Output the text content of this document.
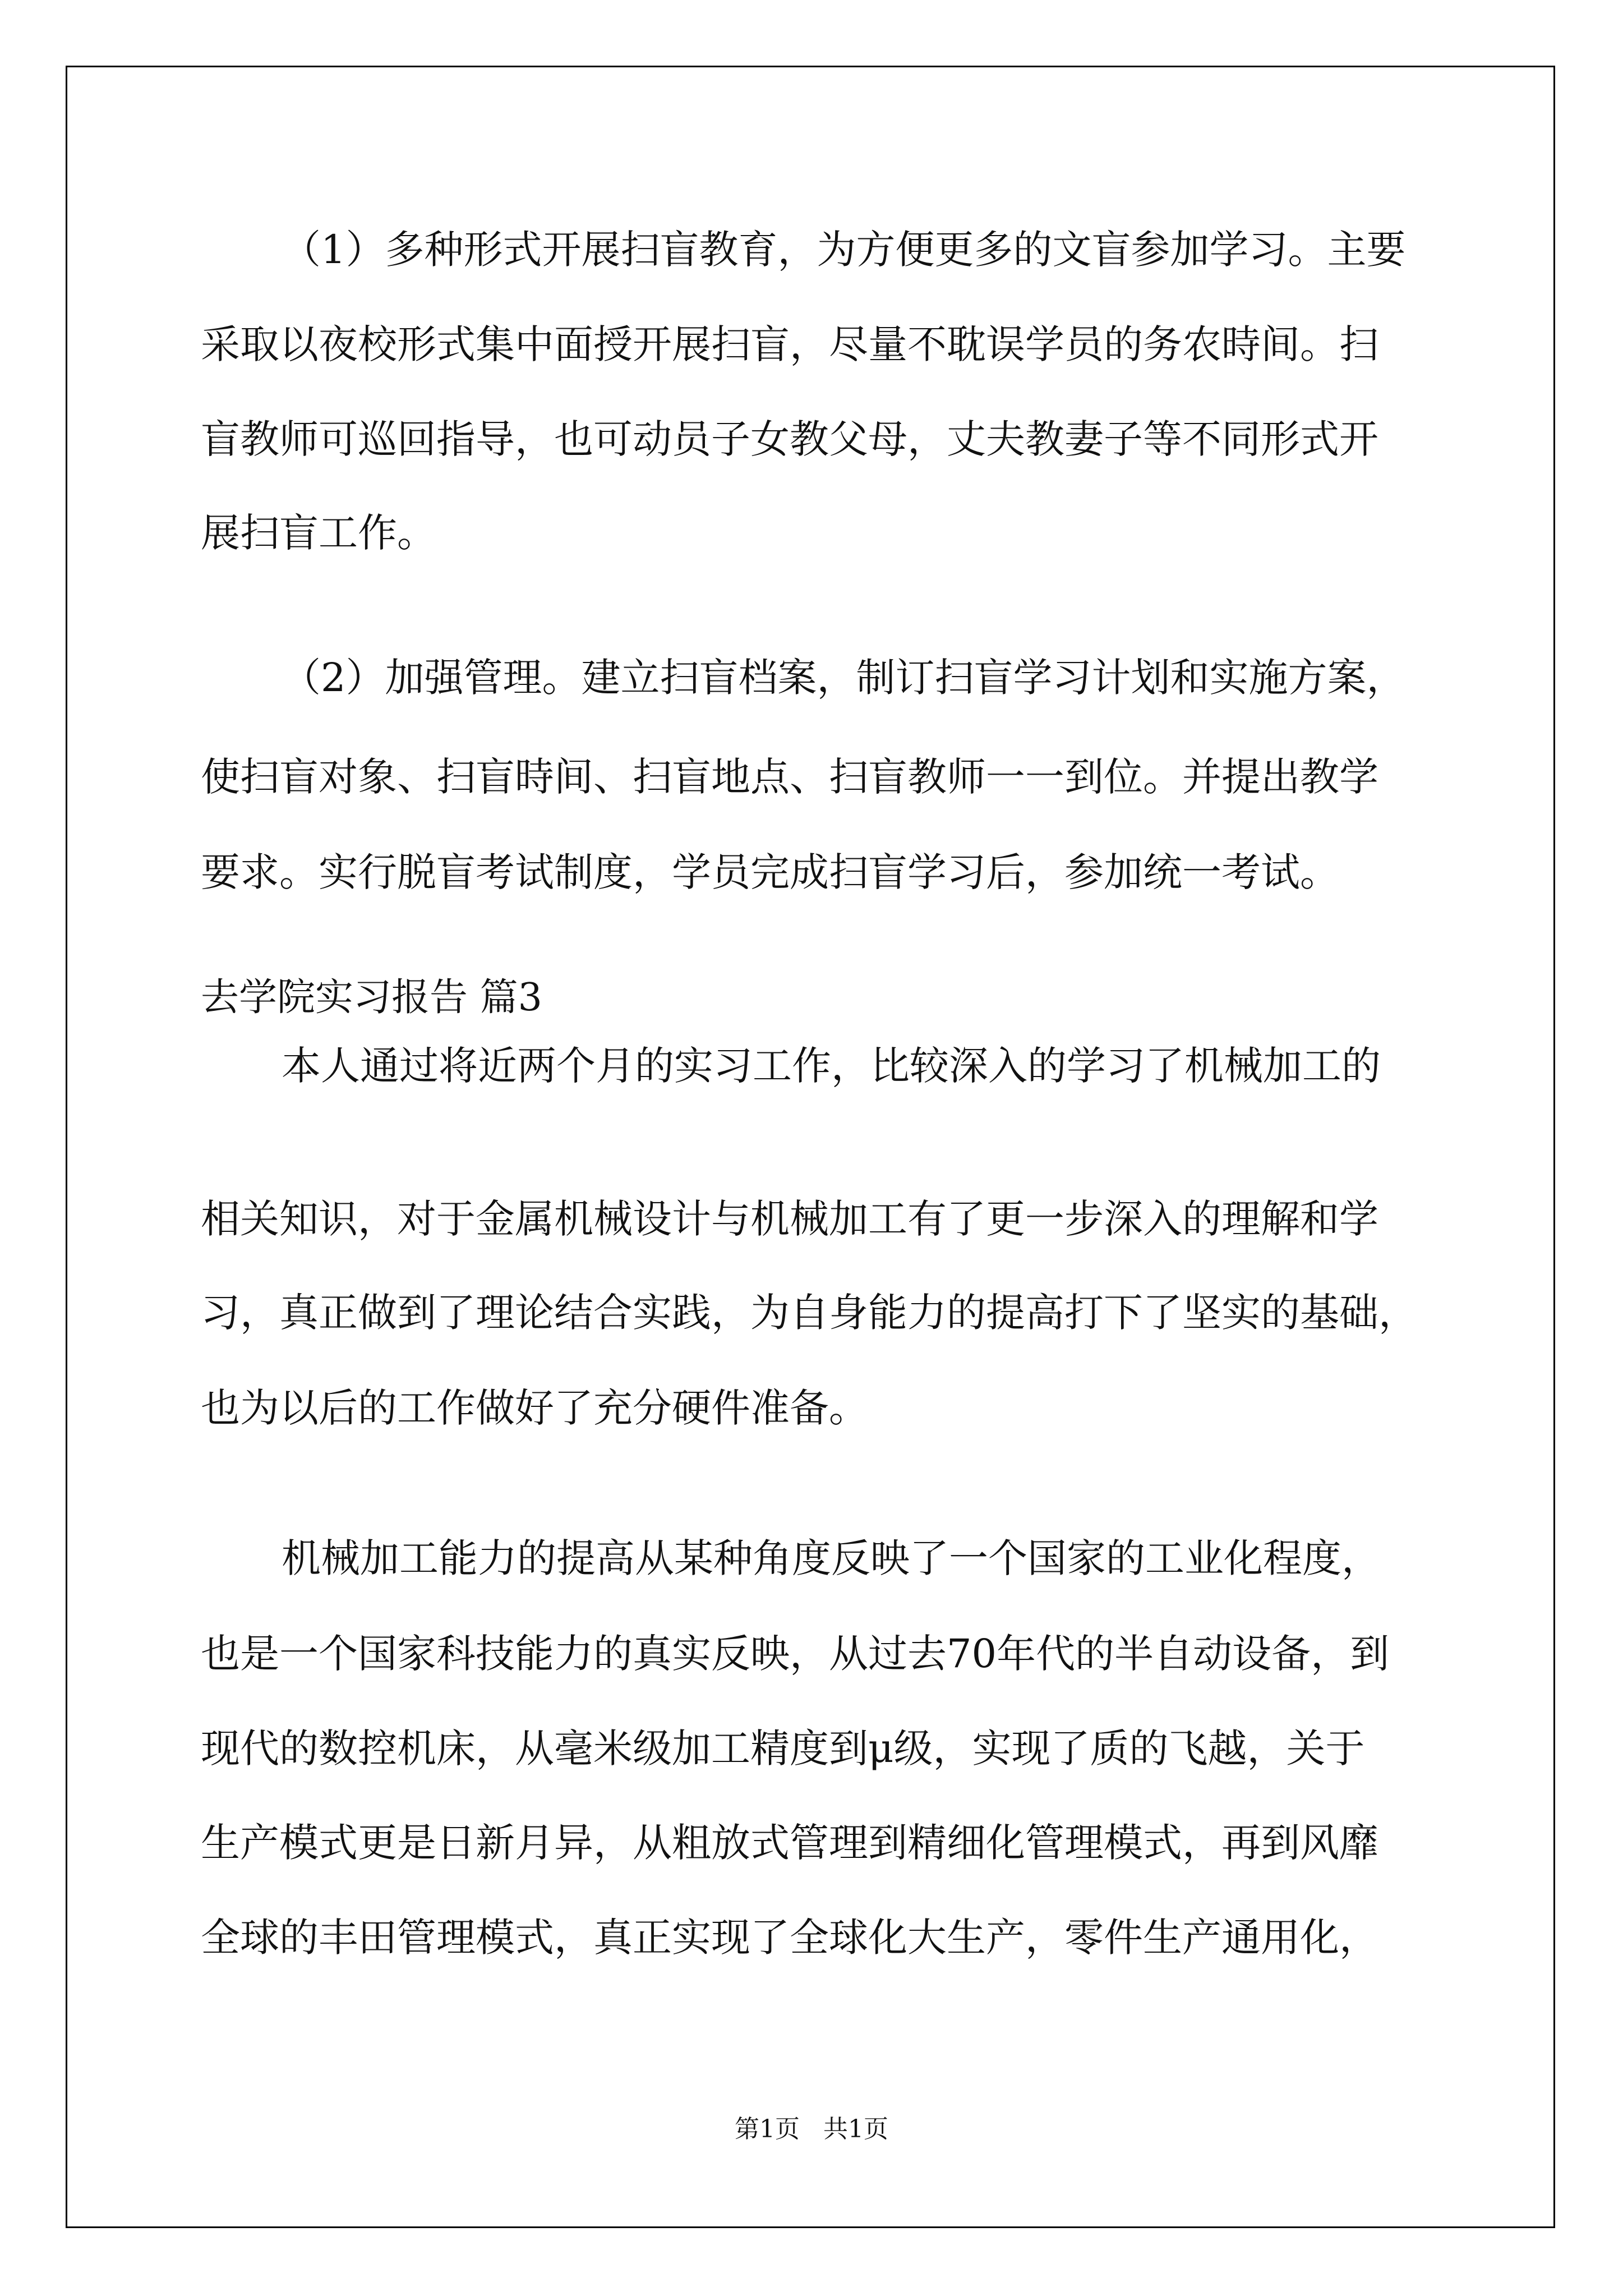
（1）多种形式开展扫盲教育，为方便更多的文盲参加学习。主要
采取以夜校形式集中面授开展扫盲，尽量不耽误学员的务农時间。扫
盲教师可巡回指导，也可动员子女教父母，丈夫教妻子等不同形式开
展扫盲工作。
（2）加强管理。建立扫盲档案，制订扫盲学习计划和实施方案，
使扫盲对象、扫盲時间、扫盲地点、扫盲教师一一到位。并提出教学
要求。实行脱盲考试制度，学员完成扫盲学习后，参加统一考试。
去学院实习报告 篇3
本人通过将近两个月的实习工作，比较深入的学习了机械加工的
相关知识，对于金属机械设计与机械加工有了更一步深入的理解和学
习，真正做到了理论结合实践，为自身能力的提高打下了坚实的基础，
也为以后的工作做好了充分硬件准备。
机械加工能力的提高从某种角度反映了一个国家的工业化程度，
也是一个国家科技能力的真实反映，从过去70年代的半自动设备，到
现代的数控机床，从毫米级加工精度到μ级，实现了质的飞越，关于
生产模式更是日新月异，从粗放式管理到精细化管理模式，再到风靡
全球的丰田管理模式，真正实现了全球化大生产，零件生产通用化，
第1页 共1页
